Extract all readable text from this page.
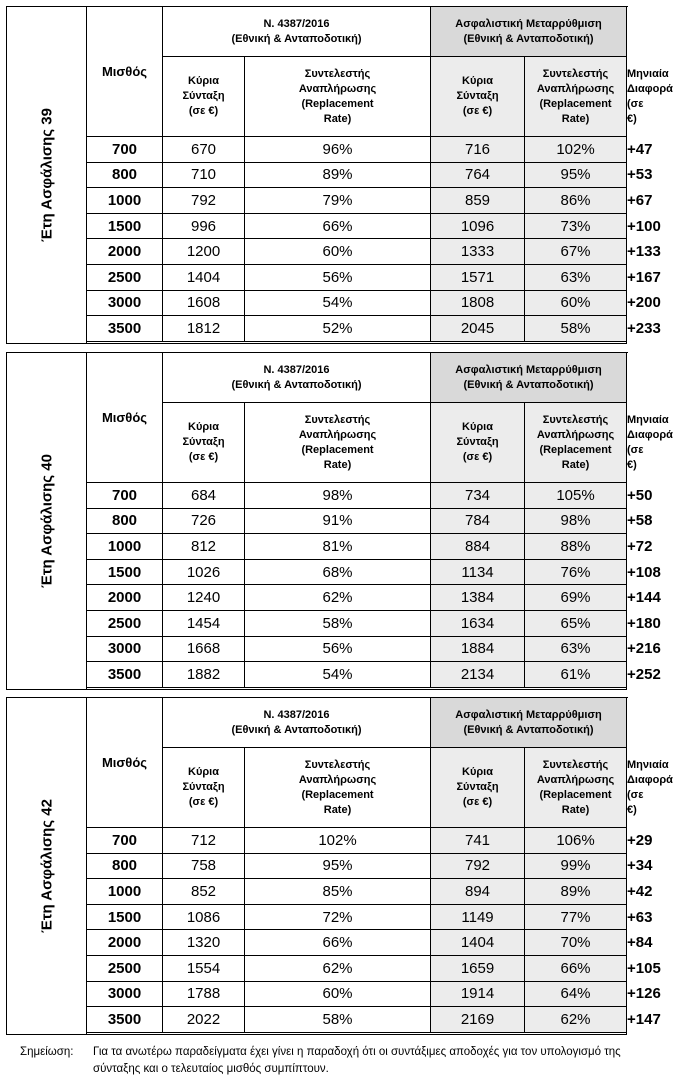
Έτη Ασφάλισης 39	Μισθός	Ν. 4387/2016
(Εθνική & Ανταποδοτική)		Ασφαλιστική Μεταρρύθμιση
(Εθνική & Ανταποδοτική)		

		Κύρια
Σύνταξη
(σε €)	Συντελεστής
Αναπλήρωσης
(Replacement
Rate)	Κύρια
Σύνταξη
(σε €)	Συντελεστής
Αναπλήρωσης
(Replacement
Rate)	Μηνιαία
Διαφορά
(σε €)

	700	670	96%	716	102%	+47
	800	710	89%	764	95%	+53
	1000	792	79%	859	86%	+67
	1500	996	66%	1096	73%	+100
	2000	1200	60%	1333	67%	+133
	2500	1404	56%	1571	63%	+167
	3000	1608	54%	1808	60%	+200
	3500	1812	52%	2045	58%	+233

Έτη Ασφάλισης 40	Μισθός	Ν. 4387/2016
(Εθνική & Ανταποδοτική)		Ασφαλιστική Μεταρρύθμιση
(Εθνική & Ανταποδοτική)		

		Κύρια
Σύνταξη
(σε €)	Συντελεστής
Αναπλήρωσης
(Replacement
Rate)	Κύρια
Σύνταξη
(σε €)	Συντελεστής
Αναπλήρωσης
(Replacement
Rate)	Μηνιαία
Διαφορά
(σε €)

	700	684	98%	734	105%	+50
	800	726	91%	784	98%	+58
	1000	812	81%	884	88%	+72
	1500	1026	68%	1134	76%	+108
	2000	1240	62%	1384	69%	+144
	2500	1454	58%	1634	65%	+180
	3000	1668	56%	1884	63%	+216
	3500	1882	54%	2134	61%	+252

Έτη Ασφάλισης 42	Μισθός	Ν. 4387/2016
(Εθνική & Ανταποδοτική)		Ασφαλιστική Μεταρρύθμιση
(Εθνική & Ανταποδοτική)		

		Κύρια
Σύνταξη
(σε €)	Συντελεστής
Αναπλήρωσης
(Replacement
Rate)	Κύρια
Σύνταξη
(σε €)	Συντελεστής
Αναπλήρωσης
(Replacement
Rate)	Μηνιαία
Διαφορά
(σε €)

	700	712	102%	741	106%	+29
	800	758	95%	792	99%	+34
	1000	852	85%	894	89%	+42
	1500	1086	72%	1149	77%	+63
	2000	1320	66%	1404	70%	+84
	2500	1554	62%	1659	66%	+105
	3000	1788	60%	1914	64%	+126
	3500	2022	58%	2169	62%	+147

Σημείωση: Για τα ανωτέρω παραδείγματα έχει γίνει η παραδοχή ότι οι συντάξιμες αποδοχές για τον υπολογισμό της σύνταξης και ο τελευταίος μισθός συμπίπτουν.
